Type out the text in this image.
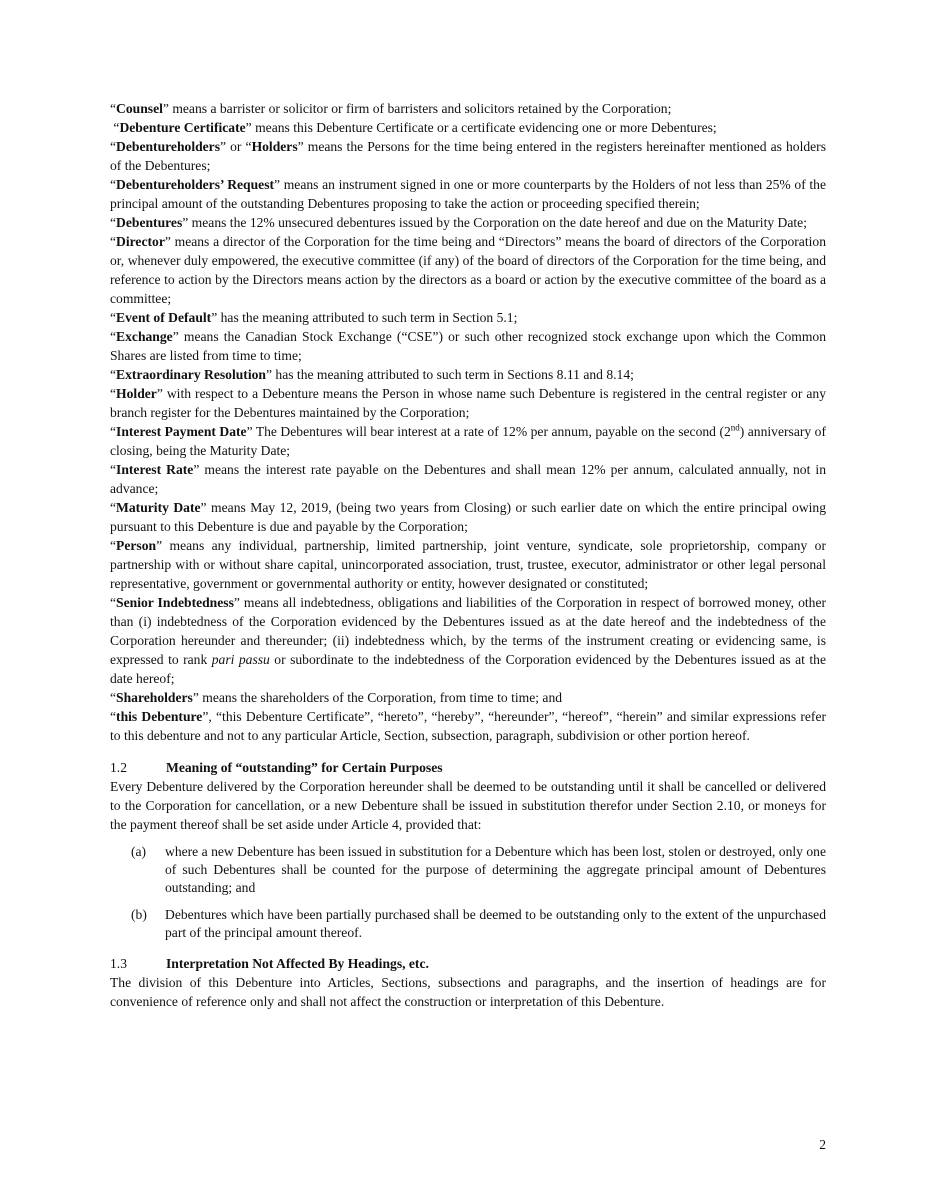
“Counsel” means a barrister or solicitor or firm of barristers and solicitors retained by the Corporation;

“Debenture Certificate” means this Debenture Certificate or a certificate evidencing one or more Debentures;

“Debentureholders” or “Holders” means the Persons for the time being entered in the registers hereinafter mentioned as holders of the Debentures;

“Debentureholders’ Request” means an instrument signed in one or more counterparts by the Holders of not less than 25% of the principal amount of the outstanding Debentures proposing to take the action or proceeding specified therein;

“Debentures” means the 12% unsecured debentures issued by the Corporation on the date hereof and due on the Maturity Date;

“Director” means a director of the Corporation for the time being and “Directors” means the board of directors of the Corporation or, whenever duly empowered, the executive committee (if any) of the board of directors of the Corporation for the time being, and reference to action by the Directors means action by the directors as a board or action by the executive committee of the board as a committee;

“Event of Default” has the meaning attributed to such term in Section 5.1;

“Exchange” means the Canadian Stock Exchange (“CSE”) or such other recognized stock exchange upon which the Common Shares are listed from time to time;

“Extraordinary Resolution” has the meaning attributed to such term in Sections 8.11 and 8.14;

“Holder” with respect to a Debenture means the Person in whose name such Debenture is registered in the central register or any branch register for the Debentures maintained by the Corporation;

“Interest Payment Date” The Debentures will bear interest at a rate of 12% per annum, payable on the second (2nd) anniversary of closing, being the Maturity Date;

“Interest Rate” means the interest rate payable on the Debentures and shall mean 12% per annum, calculated annually, not in advance;

“Maturity Date” means May 12, 2019, (being two years from Closing) or such earlier date on which the entire principal owing pursuant to this Debenture is due and payable by the Corporation;

“Person” means any individual, partnership, limited partnership, joint venture, syndicate, sole proprietorship, company or partnership with or without share capital, unincorporated association, trust, trustee, executor, administrator or other legal personal representative, government or governmental authority or entity, however designated or constituted;

“Senior Indebtedness” means all indebtedness, obligations and liabilities of the Corporation in respect of borrowed money, other than (i) indebtedness of the Corporation evidenced by the Debentures issued as at the date hereof and the indebtedness of the Corporation hereunder and thereunder; (ii) indebtedness which, by the terms of the instrument creating or evidencing same, is expressed to rank pari passu or subordinate to the indebtedness of the Corporation evidenced by the Debentures issued as at the date hereof;

“Shareholders” means the shareholders of the Corporation, from time to time; and

“this Debenture”, “this Debenture Certificate”, “hereto”, “hereby”, “hereunder”, “hereof”, “herein” and similar expressions refer to this debenture and not to any particular Article, Section, subsection, paragraph, subdivision or other portion hereof.

1.2	Meaning of “outstanding” for Certain Purposes

Every Debenture delivered by the Corporation hereunder shall be deemed to be outstanding until it shall be cancelled or delivered to the Corporation for cancellation, or a new Debenture shall be issued in substitution therefor under Section 2.10, or moneys for the payment thereof shall be set aside under Article 4, provided that:

(a)	where a new Debenture has been issued in substitution for a Debenture which has been lost, stolen or destroyed, only one of such Debentures shall be counted for the purpose of determining the aggregate principal amount of Debentures outstanding; and
(b)	Debentures which have been partially purchased shall be deemed to be outstanding only to the extent of the unpurchased part of the principal amount thereof.
1.3	Interpretation Not Affected By Headings, etc.

The division of this Debenture into Articles, Sections, subsections and paragraphs, and the insertion of headings are for convenience of reference only and shall not affect the construction or interpretation of this Debenture.

2
